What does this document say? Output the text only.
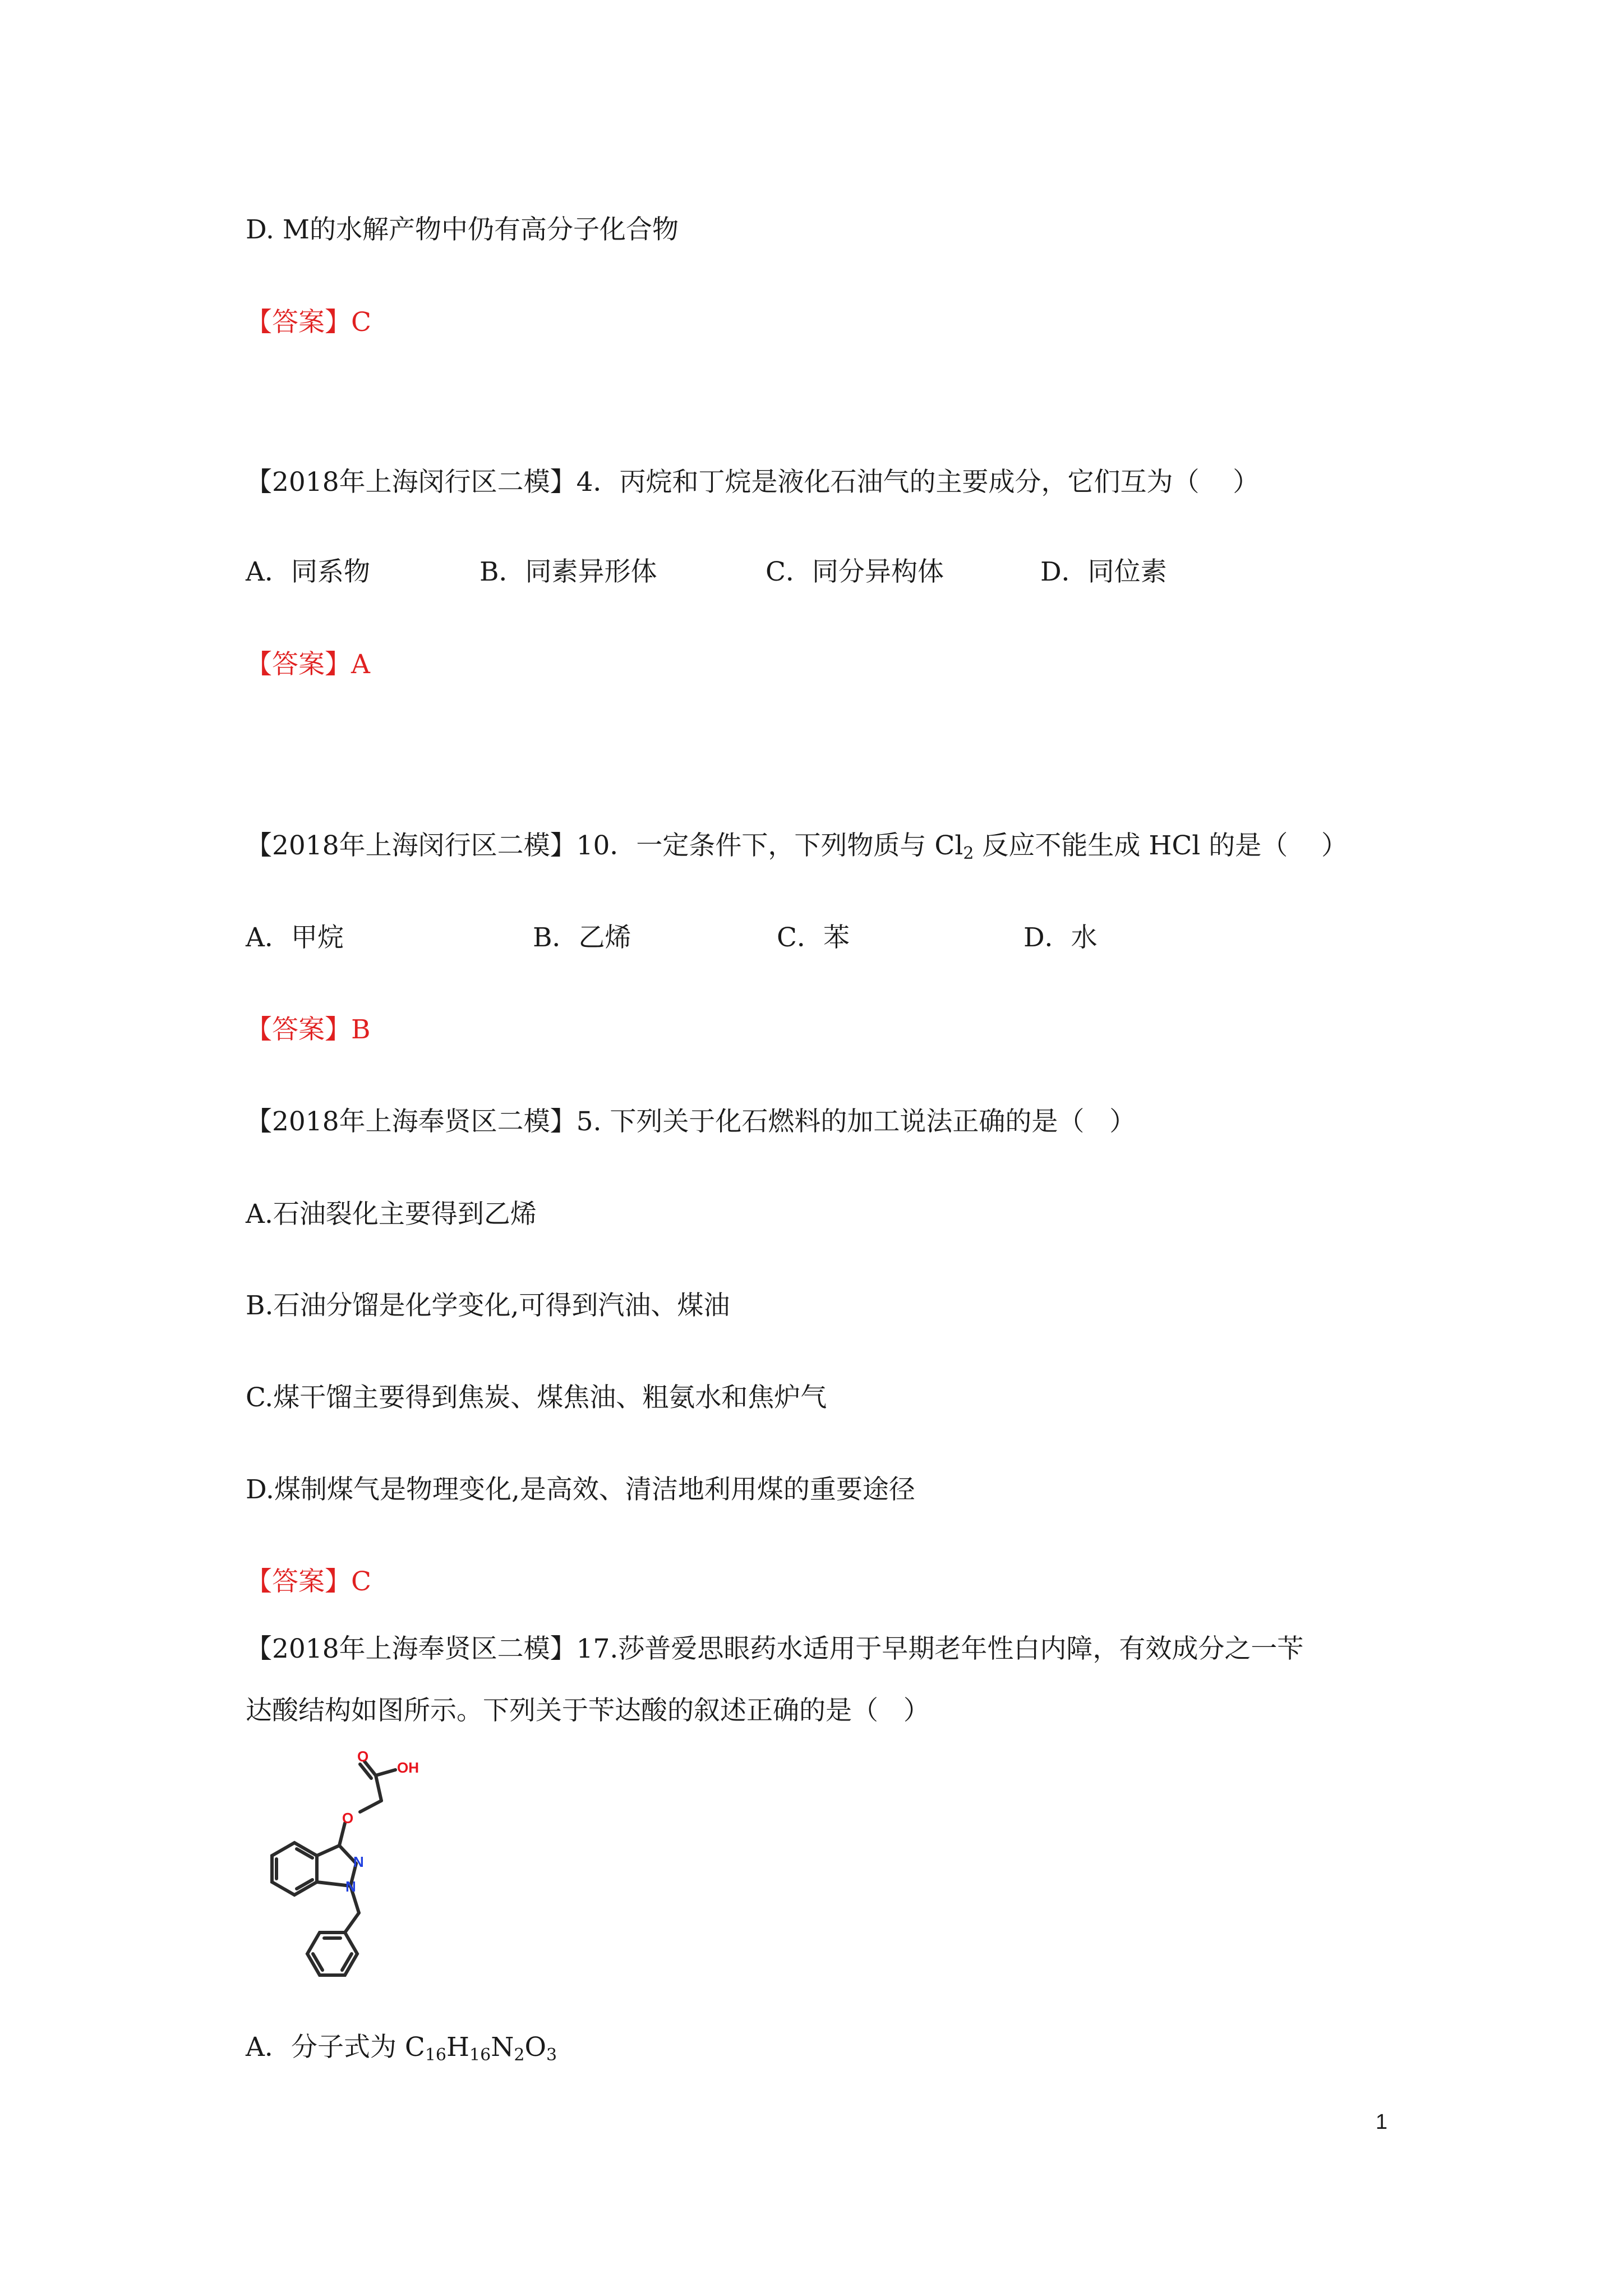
D. M的水解产物中仍有高分子化合物
【答案】C
【2018年上海闵行区二模】4．丙烷和丁烷是液化石油气的主要成分，它们互为（    ）
A．同系物	B．同素异形体	C．同分异构体	D．同位素
【答案】A
【2018年上海闵行区二模】10．一定条件下，下列物质与 $Cl_2$ 反应不能生成 HCl 的是（    ）
A．甲烷	B．乙烯	C．苯	D．水
【答案】B
【2018年上海奉贤区二模】5. 下列关于化石燃料的加工说法正确的是（   ）
A.石油裂化主要得到乙烯
B.石油分馏是化学变化,可得到汽油、煤油
C.煤干馏主要得到焦炭、煤焦油、粗氨水和焦炉气
D.煤制煤气是物理变化,是高效、清洁地利用煤的重要途径
【答案】C
【2018年上海奉贤区二模】17.莎普爱思眼药水适用于早期老年性白内障，有效成分之一苄
达酸结构如图所示。下列关于苄达酸的叙述正确的是（   ）
O
OH
O
N
N
A．分子式为 $C_{16}H_{16}N_2O_3$
1
